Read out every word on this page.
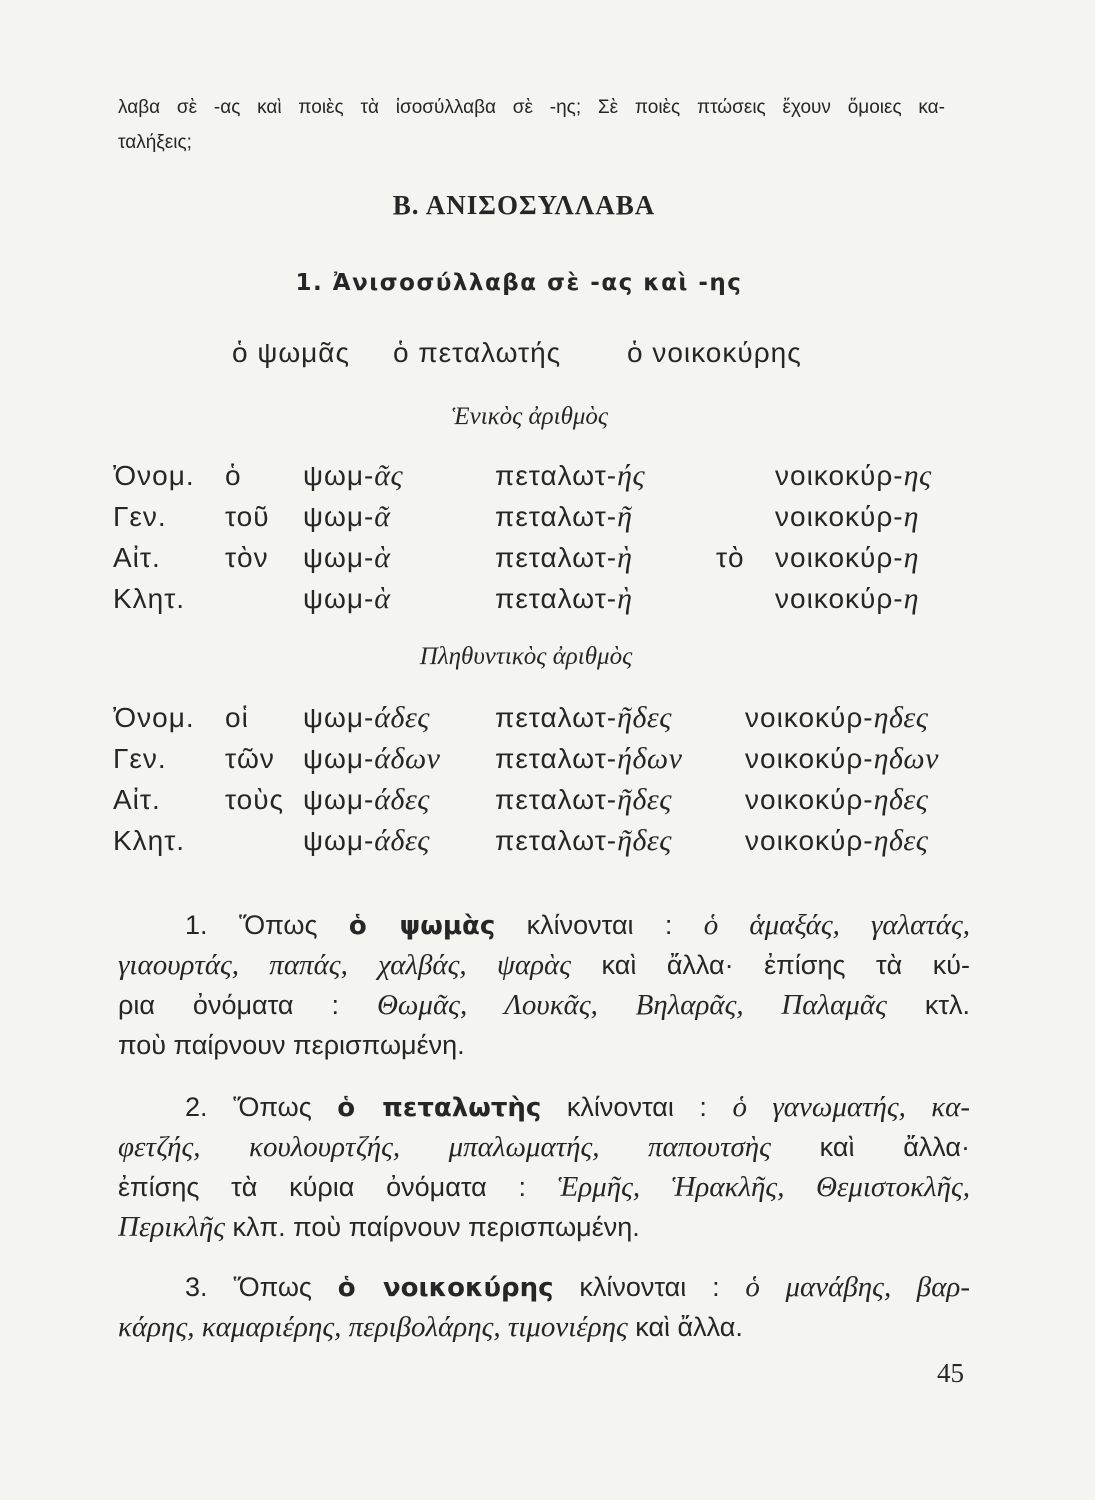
λαβα σὲ -ας καὶ ποιὲς τὰ ἰσοσύλλαβα σὲ -ης; Σὲ ποιὲς πτώσεις ἔχουν ὅμοιες κα-
ταλήξεις;
Β. ΑΝΙΣΟΣΥΛΛΑΒΑ
1. Ἀνισοσύλλαβα σὲ -ας καὶ -ης
ὁ ψωμᾶς ὁ πεταλωτής ὁ νοικοκύρης
Ἑνικὸς ἀριθμὸς
Ὀνομ. ὁ ψωμ-ᾶς	πεταλωτ-ής	νοικοκύρ-ης
Γεν. τοῦ ψωμ-ᾶ	πεταλωτ-ῆ	νοικοκύρ-η
Αἰτ. τὸν ψωμ-ὰ	πεταλωτ-ὴ	τὸ νοικοκύρ-η
Κλητ.	ψωμ-ὰ	πεταλωτ-ὴ	νοικοκύρ-η
Πληθυντικὸς ἀριθμὸς
Ὀνομ. οἱ ψωμ-άδες πεταλωτ-ῆδες	νοικοκύρ-ηδες
Γεν. τῶν ψωμ-άδων πεταλωτ-ήδων νοικοκύρ-ηδων
Αἰτ. τοὺς ψωμ-άδες πεταλωτ-ῆδες	νοικοκύρ-ηδες
Κλητ.	ψωμ-άδες πεταλωτ-ῆδες	νοικοκύρ-ηδες
1. Ὅπως ὁ ψωμὰς κλίνονται : ὁ ἁμαξάς, γαλατάς,
γιαουρτάς, παπάς, χαλβάς, ψαρὰς καὶ ἄλλα· ἐπίσης τὰ κύ-
ρια ὀνόματα : Θωμᾶς, Λουκᾶς, Βηλαρᾶς, Παλαμᾶς κτλ.
ποὺ παίρνουν περισπωμένη.
2. Ὅπως ὁ πεταλωτὴς κλίνονται : ὁ γανωματής, κα-
φετζής, κουλουρτζής, μπαλωματής, παπουτσὴς καὶ ἄλλα·
ἐπίσης τὰ κύρια ὀνόματα : Ἑρμῆς, Ἡρακλῆς, Θεμιστοκλῆς,
Περικλῆς κλπ. ποὺ παίρνουν περισπωμένη.
3. Ὅπως ὁ νοικοκύρης κλίνονται : ὁ μανάβης, βαρ-
κάρης, καμαριέρης, περιβολάρης, τιμονιέρης καὶ ἄλλα.
45
